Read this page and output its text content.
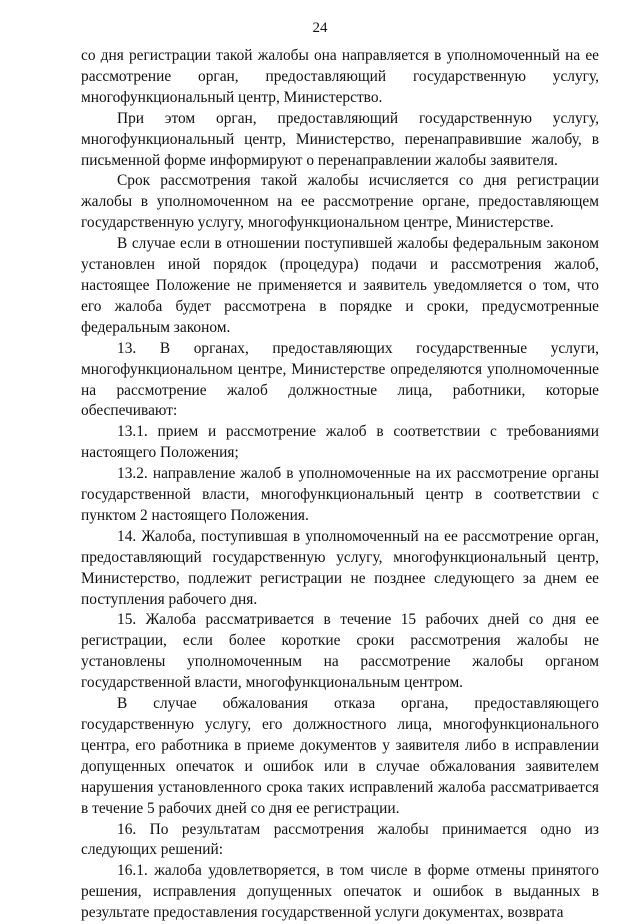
24

со дня регистрации такой жалобы она направляется в уполномоченный на ее рассмотрение орган, предоставляющий государственную услугу, многофункциональный центр, Министерство.

При этом орган, предоставляющий государственную услугу, многофункциональный центр, Министерство, перенаправившие жалобу, в письменной форме информируют о перенаправлении жалобы заявителя.

Срок рассмотрения такой жалобы исчисляется со дня регистрации жалобы в уполномоченном на ее рассмотрение органе, предоставляющем государственную услугу, многофункциональном центре, Министерстве.

В случае если в отношении поступившей жалобы федеральным законом установлен иной порядок (процедура) подачи и рассмотрения жалоб, настоящее Положение не применяется и заявитель уведомляется о том, что его жалоба будет рассмотрена в порядке и сроки, предусмотренные федеральным законом.

13. В органах, предоставляющих государственные услуги, многофункциональном центре, Министерстве определяются уполномоченные на рассмотрение жалоб должностные лица, работники, которые обеспечивают:

13.1. прием и рассмотрение жалоб в соответствии с требованиями настоящего Положения;

13.2. направление жалоб в уполномоченные на их рассмотрение органы государственной власти, многофункциональный центр в соответствии с пунктом 2 настоящего Положения.

14. Жалоба, поступившая в уполномоченный на ее рассмотрение орган, предоставляющий государственную услугу, многофункциональный центр, Министерство, подлежит регистрации не позднее следующего за днем ее поступления рабочего дня.

15. Жалоба рассматривается в течение 15 рабочих дней со дня ее регистрации, если более короткие сроки рассмотрения жалобы не установлены уполномоченным на рассмотрение жалобы органом государственной власти, многофункциональным центром.

В случае обжалования отказа органа, предоставляющего государственную услугу, его должностного лица, многофункционального центра, его работника в приеме документов у заявителя либо в исправлении допущенных опечаток и ошибок или в случае обжалования заявителем нарушения установленного срока таких исправлений жалоба рассматривается в течение 5 рабочих дней со дня ее регистрации.

16. По результатам рассмотрения жалобы принимается одно из следующих решений:

16.1. жалоба удовлетворяется, в том числе в форме отмены принятого решения, исправления допущенных опечаток и ошибок в выданных в результате предоставления государственной услуги документах, возврата
